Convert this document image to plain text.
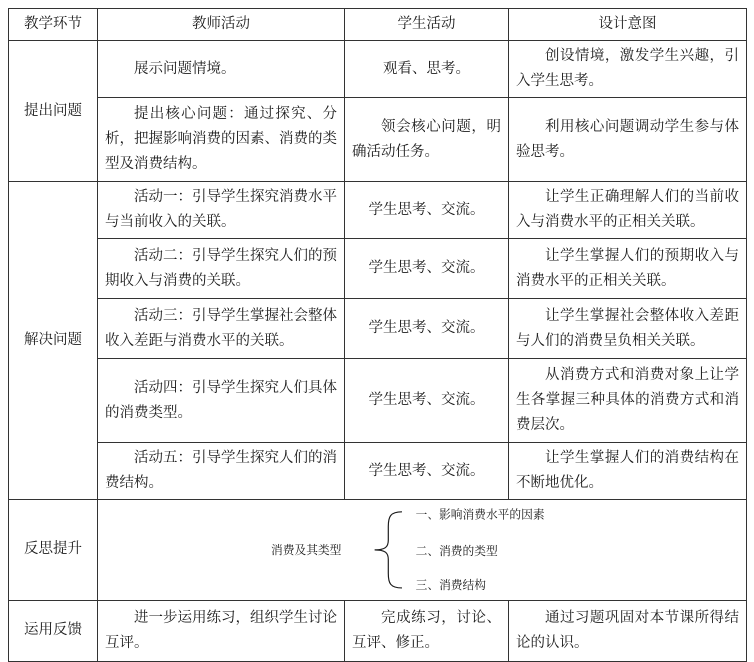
教学环节	教师活动	学生活动	设计意图
提出问题	展示问题情境。	观看、思考。	创设情境，激发学生兴趣，引入学生思考。
	提出核心问题：通过探究、分析，把握影响消费的因素、消费的类型及消费结构。	领会核心问题，明确活动任务。	利用核心问题调动学生参与体验思考。
解决问题	活动一：引导学生探究消费水平与当前收入的关联。	学生思考、交流。	让学生正确理解人们的当前收入与消费水平的正相关关联。
	活动二：引导学生探究人们的预期收入与消费的关联。	学生思考、交流。	让学生掌握人们的预期收入与消费水平的正相关关联。
	活动三：引导学生掌握社会整体收入差距与消费水平的关联。	学生思考、交流。	让学生掌握社会整体收入差距与人们的消费呈负相关关联。
	活动四：引导学生探究人们具体的消费类型。	学生思考、交流。	从消费方式和消费对象上让学生各掌握三种具体的消费方式和消费层次。
	活动五：引导学生探究人们的消费结构。	学生思考、交流。	让学生掌握人们的消费结构在不断地优化。
反思提升	消费及其类型
一、影响消费水平的因素
二、消费的类型
三、消费结构		

运用反馈	进一步运用练习，组织学生讨论互评。	完成练习，讨论、互评、修正。	通过习题巩固对本节课所得结论的认识。
